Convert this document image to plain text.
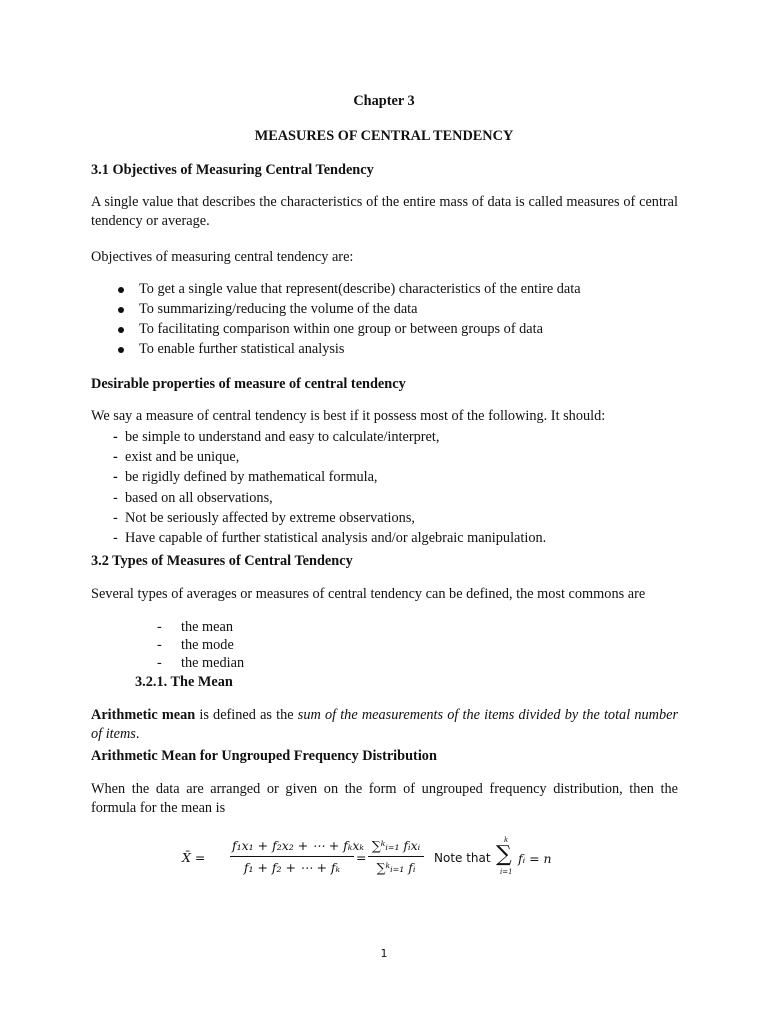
Chapter 3
MEASURES OF CENTRAL TENDENCY
3.1 Objectives of Measuring Central Tendency
A single value that describes the characteristics of the entire mass of data is called measures of central tendency or average.
Objectives of measuring central tendency are:
To get a single value that represent(describe) characteristics of the entire data
To summarizing/reducing the volume of the data
To facilitating comparison within one group or between groups of data
To enable further statistical analysis
Desirable properties of measure of central tendency
We say a measure of central tendency is best if it possess most of the following. It should:
- be simple to understand and easy to calculate/interpret,
- exist and be unique,
- be rigidly defined by mathematical formula,
- based on all observations,
- Not be seriously affected by extreme observations,
- Have capable of further statistical analysis and/or algebraic manipulation.
3.2 Types of Measures of Central Tendency
Several types of averages or measures of central tendency can be defined, the most commons are
- the mean
- the mode
- the median
3.2.1. The Mean
Arithmetic mean is defined as the sum of the measurements of the items divided by the total number of items.
Arithmetic Mean for Ungrouped Frequency Distribution
When the data are arranged or given on the form of ungrouped frequency distribution, then the formula for the mean is
X̄ =
f₁x₁ + f₂x₂ + ⋯ + fₖxₖ
f₁ + f₂ + ⋯ + fₖ
=
∑ᵏᵢ₌₁ fᵢxᵢ
∑ᵏᵢ₌₁ fᵢ
Note that
k
∑
i=1
fᵢ = n
1
